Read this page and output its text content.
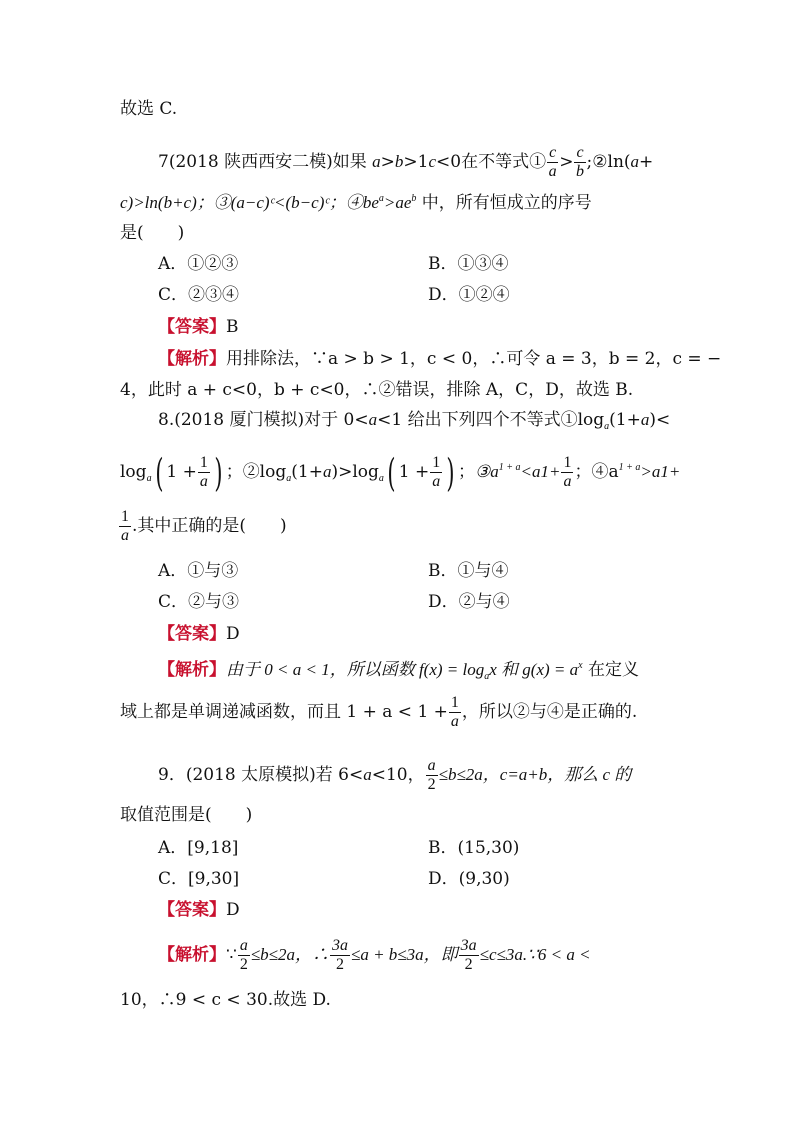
故选 C.
7(2018 陕西西安二模)如果 a>b>1c<0在不等式① $\frac{c}{a} > \frac{c}{b}$ ;②ln(a+
c)>ln(b+c)；③(a−c)ᶜ<(b−c)ᶜ；$④be^a>ae^b$ 中，所有恒成立的序号
是(　　)
A．①②③	B．①③④
C．②③④	D．①②④
【答案】B
【解析】用排除法，∵a > b > 1，c < 0，∴可令 a = 3，b = 2，c = −
4，此时 a + c<0，b + c<0，∴②错误，排除 A，C，D，故选 B.
8.(2018 厦门模拟)对于 0<a<1 给出下列四个不等式$①\log_a(1+a)<$
$\log_a$( $1 + \frac{1}{a}$ ) ；$②\log_a(1+a)>\log_a$( $1 + \frac{1}{a}$ ) ；$③a^{1 + a}<a1+ \frac{1}{a}$ ；$④a^{1 + a}>a1+$
$\frac{1}{a}$ .其中正确的是(　　)
A．①与③	B．①与④
C．②与③	D．②与④
【答案】D
【解析】由于 0 < a < 1，所以函数 $f(x) = \log_ax$ 和 $g(x) = a^x$ 在定义
域上都是单调递减函数，而且 $1 + a < 1 + \frac{1}{a}$ ，所以②与④是正确的.
9．(2018 太原模拟)若 6<a<10， $\frac{a}{2} \le b\le 2a$，c=a+b，那么 c 的
取值范围是(　　)
A．[9,18]	B．(15,30)
C．[9,30]	D．(9,30)
【答案】D
【解析】∵ $\frac{a}{2} \le b\le 2a$，∴ $\frac{3a}{2} \le a + b\le 3a$，即 $\frac{3a}{2}$ ≤c≤3a.∵6 < a <
10，∴9 < c < 30.故选 D.
